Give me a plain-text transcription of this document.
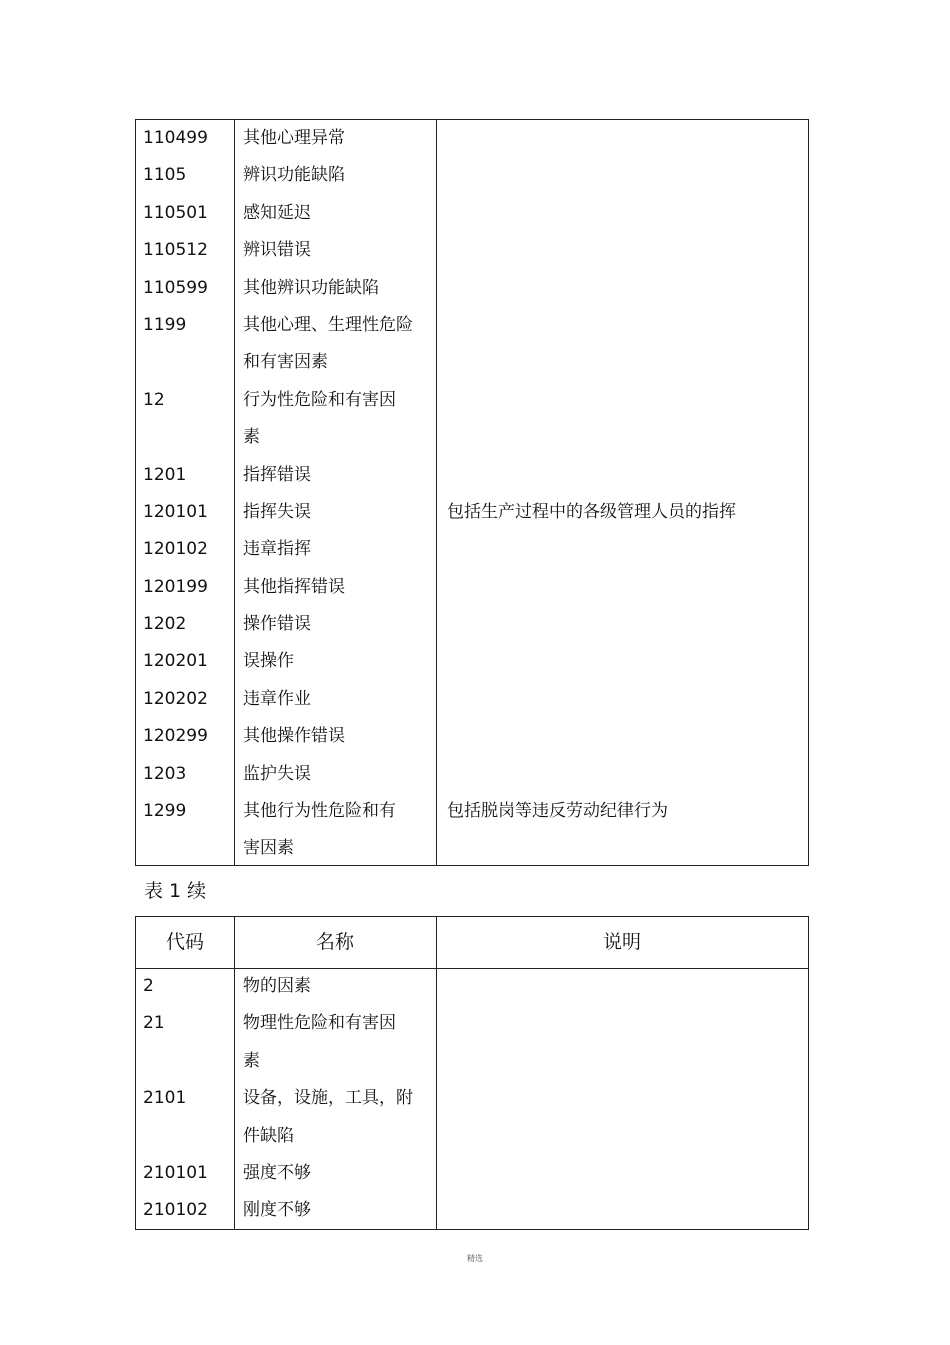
110499 其他心理异常
1105	辨识功能缺陷
110501 感知延迟
110512 辨识错误
110599 其他辨识功能缺陷
1199	其他心理、生理性危险
和有害因素
12	行为性危险和有害因
素
1201	指挥错误
120101 指挥失误	包括生产过程中的各级管理人员的指挥
120102 违章指挥
120199 其他指挥错误
1202	操作错误
120201 误操作
120202 违章作业
120299 其他操作错误
1203	监护失误
1299	其他行为性危险和有	包括脱岗等违反劳动纪律行为
害因素
表 1 续
代码	名称	说明
2	物的因素
21	物理性危险和有害因
素
2101	设备，设施，工具，附
件缺陷
210101 强度不够
210102 刚度不够
精选
